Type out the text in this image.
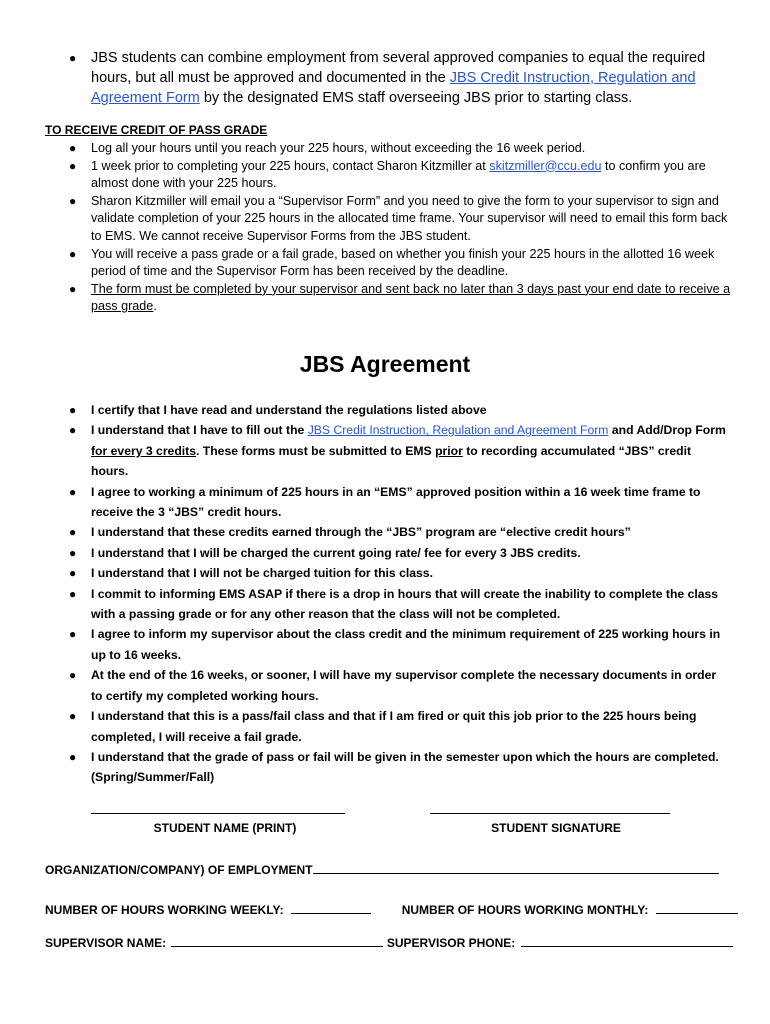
● JBS students can combine employment from several approved companies to equal the required hours, but all must be approved and documented in the JBS Credit Instruction, Regulation and Agreement Form by the designated EMS staff overseeing JBS prior to starting class.
TO RECEIVE CREDIT OF PASS GRADE
● Log all your hours until you reach your 225 hours, without exceeding the 16 week period.
● 1 week prior to completing your 225 hours, contact Sharon Kitzmiller at skitzmiller@ccu.edu to confirm you are almost done with your 225 hours.
● Sharon Kitzmiller will email you a “Supervisor Form” and you need to give the form to your supervisor to sign and validate completion of your 225 hours in the allocated time frame. Your supervisor will need to email this form back to EMS. We cannot receive Supervisor Forms from the JBS student.
● You will receive a pass grade or a fail grade, based on whether you finish your 225 hours in the allotted 16 week period of time and the Supervisor Form has been received by the deadline.
● The form must be completed by your supervisor and sent back no later than 3 days past your end date to receive a pass grade.
JBS Agreement
● I certify that I have read and understand the regulations listed above
● I understand that I have to fill out the JBS Credit Instruction, Regulation and Agreement Form and Add/Drop Form for every 3 credits. These forms must be submitted to EMS prior to recording accumulated “JBS” credit hours.
● I agree to working a minimum of 225 hours in an “EMS” approved position within a 16 week time frame to receive the 3 “JBS” credit hours.
● I understand that these credits earned through the “JBS” program are “elective credit hours”
● I understand that I will be charged the current going rate/ fee for every 3 JBS credits.
● I understand that I will not be charged tuition for this class.
● I commit to informing EMS ASAP if there is a drop in hours that will create the inability to complete the class with a passing grade or for any other reason that the class will not be completed.
● I agree to inform my supervisor about the class credit and the minimum requirement of 225 working hours in up to 16 weeks.
● At the end of the 16 weeks, or sooner, I will have my supervisor complete the necessary documents in order to certify my completed working hours.
● I understand that this is a pass/fail class and that if I am fired or quit this job prior to the 225 hours being completed, I will receive a fail grade.
● I understand that the grade of pass or fail will be given in the semester upon which the hours are completed. (Spring/Summer/Fall)
STUDENT NAME (PRINT)	STUDENT SIGNATURE
ORGANIZATION/COMPANY) OF EMPLOYMENT
NUMBER OF HOURS WORKING WEEKLY:	NUMBER OF HOURS WORKING MONTHLY:
SUPERVISOR NAME:	SUPERVISOR PHONE:
